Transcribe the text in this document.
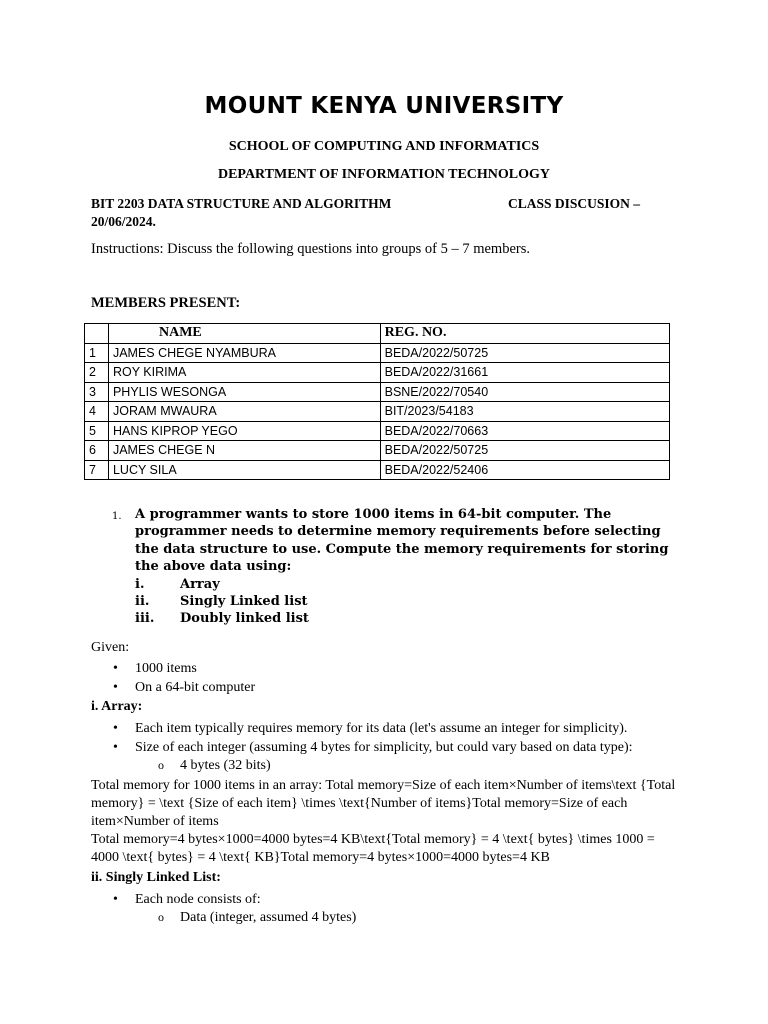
MOUNT KENYA UNIVERSITY
SCHOOL OF COMPUTING AND INFORMATICS
DEPARTMENT OF INFORMATION TECHNOLOGY
BIT 2203 DATA STRUCTURE AND ALGORITHM	CLASS DISCUSION –
20/06/2024.
Instructions: Discuss the following questions into groups of 5 – 7 members.
MEMBERS PRESENT:
	NAME	REG. NO.
1	JAMES CHEGE NYAMBURA	BEDA/2022/50725
2	ROY KIRIMA	BEDA/2022/31661
3	PHYLIS WESONGA	BSNE/2022/70540
4	JORAM MWAURA	BIT/2023/54183
5	HANS KIPROP YEGO	BEDA/2022/70663
6	JAMES CHEGE N	BEDA/2022/50725
7	LUCY SILA	BEDA/2022/52406
1. A programmer wants to store 1000 items in 64-bit computer. The programmer needs to determine memory requirements before selecting the data structure to use. Compute the memory requirements for storing the above data using:
i.	Array
ii. Singly Linked list
iii. Doubly linked list
Given:
• 1000 items
• On a 64-bit computer
i. Array:
• Each item typically requires memory for its data (let's assume an integer for simplicity).
• Size of each integer (assuming 4 bytes for simplicity, but could vary based on data type):
o 4 bytes (32 bits)
Total memory for 1000 items in an array: Total memory=Size of each item×Number of items\text {Total memory} = \text {Size of each item} \times \text{Number of items}Total memory=Size of each item×Number of items
Total memory=4 bytes×1000=4000 bytes=4 KB\text{Total memory} = 4 \text{ bytes} \times 1000 = 4000 \text{ bytes} = 4 \text{ KB}Total memory=4 bytes×1000=4000 bytes=4 KB
ii. Singly Linked List:
• Each node consists of:
o Data (integer, assumed 4 bytes)
